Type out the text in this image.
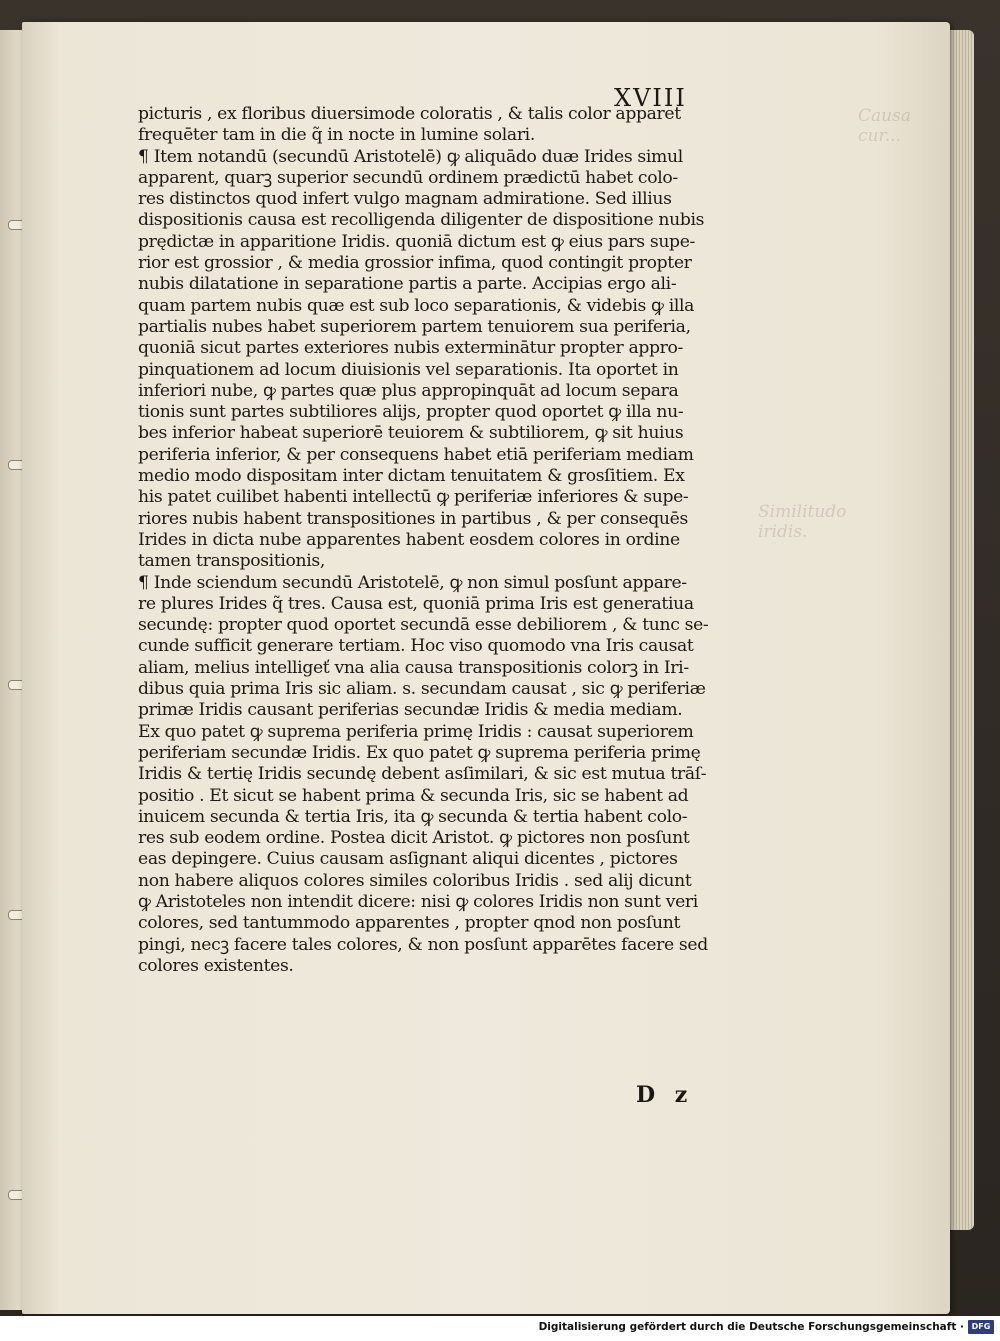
Causa cur...
Similitudo iridis.
XVIII
picturis , ex floribus diuersimode coloratis , & talis color apparet
frequēter tam in die q̃ in nocte in lumine solari.
¶ Item notandū (secundū Aristotelē) ꝙ aliquādo duæ Irides simul
apparent, quarꝫ superior secundū ordinem prædictū habet colo-
res distinctos quod infert vulgo magnam admiratione. Sed illius
dispositionis causa est recolligenda diligenter de dispositione nubis
prędictæ in apparitione Iridis. quoniā dictum est ꝙ eius pars supe-
rior est grossior , & media grossior infima, quod contingit propter
nubis dilatatione in separatione partis a parte. Accipias ergo ali-
quam partem nubis quæ est sub loco separationis, & videbis ꝙ illa
partialis nubes habet superiorem partem tenuiorem sua periferia,
quoniā sicut partes exteriores nubis exterminātur propter appro-
pinquationem ad locum diuisionis vel separationis. Ita oportet in
inferiori nube, ꝙ partes quæ plus appropinquāt ad locum separa
tionis sunt partes subtiliores alijs, propter quod oportet ꝙ illa nu-
bes inferior habeat superiorē teuiorem & subtiliorem, ꝙ sit huius
periferia inferior, & per consequens habet etiā periferiam mediam
medio modo dispositam inter dictam tenuitatem & grosſitiem. Ex
his patet cuilibet habenti intellectū ꝙ periferiæ inferiores & supe-
riores nubis habent transpositiones in partibus , & per consequēs
Irides in dicta nube apparentes habent eosdem colores in ordine
tamen transpositionis,
¶ Inde sciendum secundū Aristotelē, ꝙ non simul posſunt appare-
re plures Irides q̃ tres. Causa est, quoniā prima Iris est generatiua
secundę: propter quod oportet secundā esse debiliorem , & tunc se-
cunde sufficit generare tertiam. Hoc viso quomodo vna Iris causat
aliam, melius intelligeť vna alia causa transpositionis colorꝫ in Iri-
dibus quia prima Iris sic aliam. s. secundam causat , sic ꝙ periferiæ
primæ Iridis causant periferias secundæ Iridis & media mediam.
Ex quo patet ꝙ suprema periferia primę Iridis : causat superiorem
periferiam secundæ Iridis. Ex quo patet ꝙ suprema periferia primę
Iridis & tertię Iridis secundę debent asſimilari, & sic est mutua trāſ-
positio . Et sicut se habent prima & secunda Iris, sic se habent ad
inuicem secunda & tertia Iris, ita ꝙ secunda & tertia habent colo-
res sub eodem ordine. Postea dicit Aristot. ꝙ pictores non posſunt
eas depingere. Cuius causam asſignant aliqui dicentes , pictores
non habere aliquos colores similes coloribus Iridis . sed alij dicunt
ꝙ Aristoteles non intendit dicere: nisi ꝙ colores Iridis non sunt veri
colores, sed tantummodo apparentes , propter qnod non posſunt
pingi, necꝫ facere tales colores, & non posſunt apparētes facere sed
colores existentes.
D z
Digitalisierung gefördert durch die Deutsche Forschungsgemeinschaft · DFG
